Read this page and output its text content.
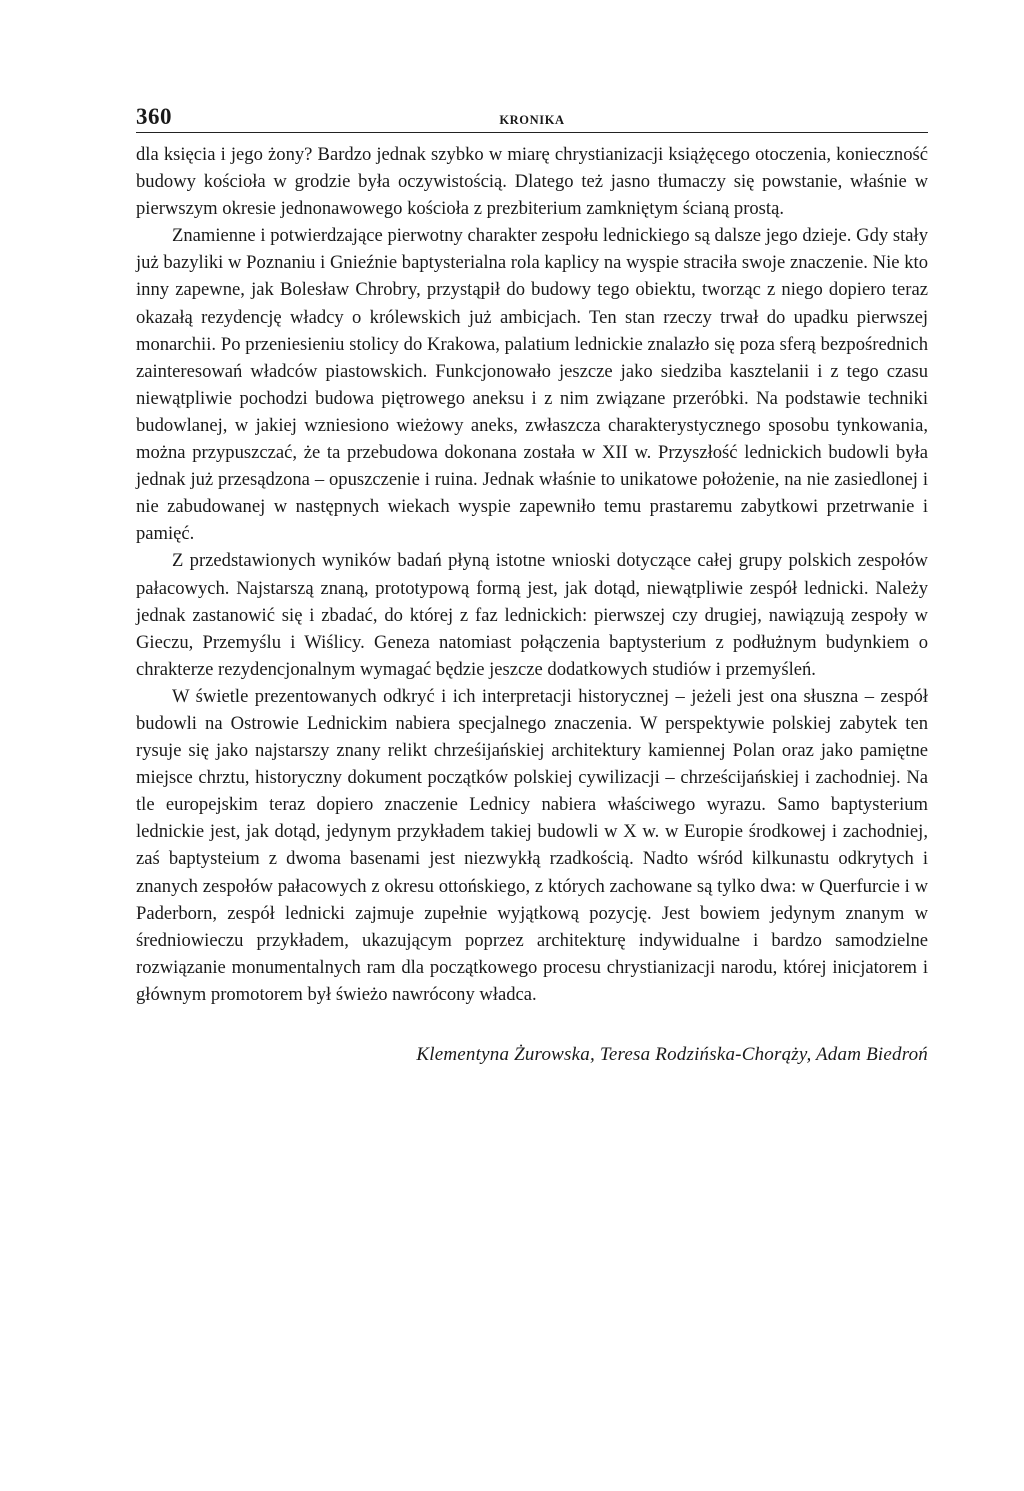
360	KRONIKA

dla księcia i jego żony? Bardzo jednak szybko w miarę chrystianizacji książęcego otoczenia, konieczność budowy kościoła w grodzie była oczywistością. Dlatego też jasno tłumaczy się powstanie, właśnie w pierwszym okresie jednonawowego kościoła z prezbiterium zamkniętym ścianą prostą.

Znamienne i potwierdzające pierwotny charakter zespołu lednickiego są dalsze jego dzieje. Gdy stały już bazyliki w Poznaniu i Gnieźnie baptysterialna rola kaplicy na wyspie straciła swoje znaczenie. Nie kto inny zapewne, jak Bolesław Chrobry, przystąpił do budowy tego obiektu, tworząc z niego dopiero teraz okazałą rezydencję władcy o królewskich już ambicjach. Ten stan rzeczy trwał do upadku pierwszej monarchii. Po przeniesieniu stolicy do Krakowa, palatium lednickie znalazło się poza sferą bezpośrednich zainteresowań władców piastowskich. Funkcjonowało jeszcze jako siedziba kasztelanii i z tego czasu niewątpliwie pochodzi budowa piętrowego aneksu i z nim związane przeróbki. Na podstawie techniki budowlanej, w jakiej wzniesiono wieżowy aneks, zwłaszcza charakterystycznego sposobu tynkowania, można przypuszczać, że ta przebudowa dokonana została w XII w. Przyszłość lednickich budowli była jednak już przesądzona – opuszczenie i ruina. Jednak właśnie to unikatowe położenie, na nie zasiedlonej i nie zabudowanej w następnych wiekach wyspie zapewniło temu prastaremu zabytkowi przetrwanie i pamięć.

Z przedstawionych wyników badań płyną istotne wnioski dotyczące całej grupy polskich zespołów pałacowych. Najstarszą znaną, prototypową formą jest, jak dotąd, niewątpliwie zespół lednicki. Należy jednak zastanowić się i zbadać, do której z faz lednickich: pierwszej czy drugiej, nawiązują zespoły w Gieczu, Przemyślu i Wiślicy. Geneza natomiast połączenia baptysterium z podłużnym budynkiem o chrakterze rezydencjonalnym wymagać będzie jeszcze dodatkowych studiów i przemyśleń.

W świetle prezentowanych odkryć i ich interpretacji historycznej – jeżeli jest ona słuszna – zespół budowli na Ostrowie Lednickim nabiera specjalnego znaczenia. W perspektywie polskiej zabytek ten rysuje się jako najstarszy znany relikt chrześijańskiej architektury kamiennej Polan oraz jako pamiętne miejsce chrztu, historyczny dokument początków polskiej cywilizacji – chrześcijańskiej i zachodniej. Na tle europejskim teraz dopiero znaczenie Lednicy nabiera właściwego wyrazu. Samo baptysterium lednickie jest, jak dotąd, jedynym przykładem takiej budowli w X w. w Europie środkowej i zachodniej, zaś baptysteium z dwoma basenami jest niezwykłą rzadkością. Nadto wśród kilkunastu odkrytych i znanych zespołów pałacowych z okresu ottońskiego, z których zachowane są tylko dwa: w Querfurcie i w Paderborn, zespół lednicki zajmuje zupełnie wyjątkową pozycję. Jest bowiem jedynym znanym w średniowieczu przykładem, ukazującym poprzez architekturę indywidualne i bardzo samodzielne rozwiązanie monumentalnych ram dla początkowego procesu chrystianizacji narodu, której inicjatorem i głównym promotorem był świeżo nawrócony władca.

Klementyna Żurowska, Teresa Rodzińska-Chorąży, Adam Biedroń
